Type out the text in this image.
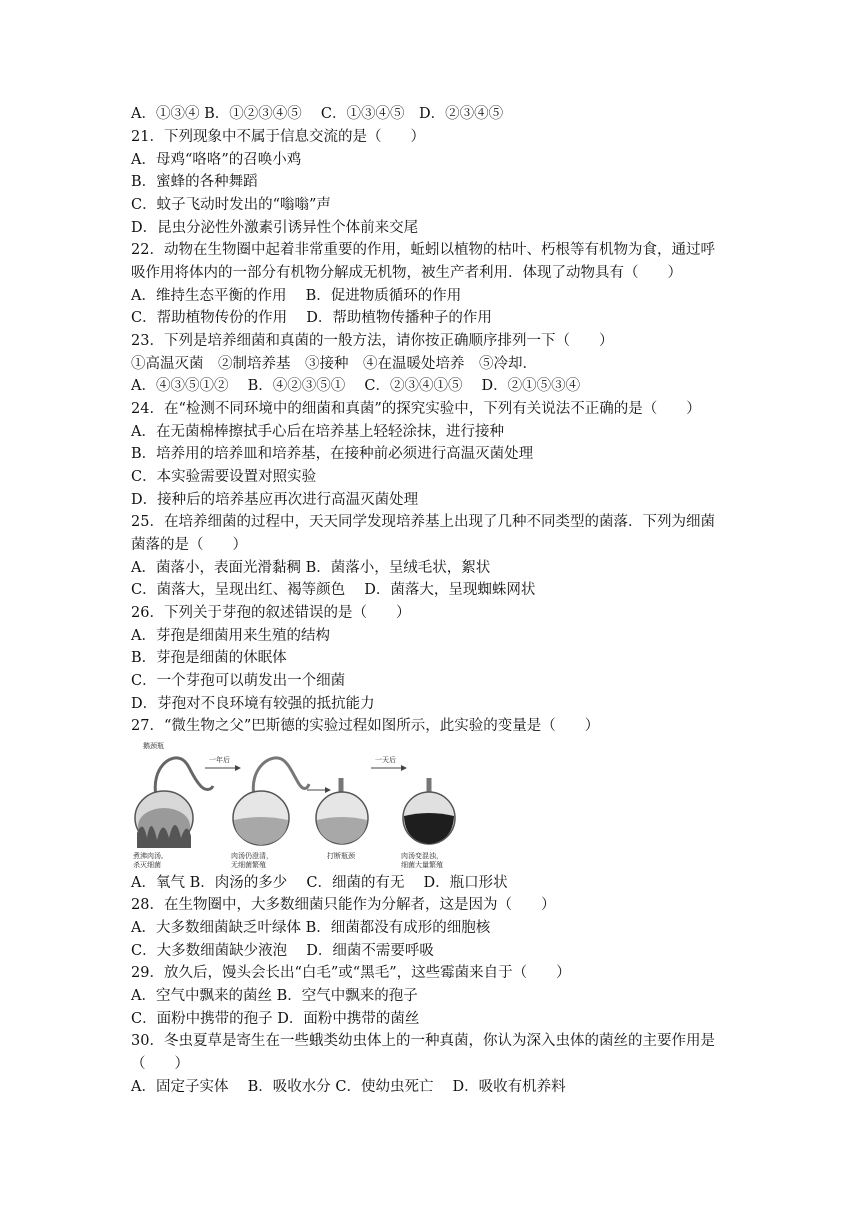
A．①③④ B．①②③④⑤　 C．①③④⑤　D．②③④⑤
21．下列现象中不属于信息交流的是（　　）
A．母鸡“咯咯”的召唤小鸡
B．蜜蜂的各种舞蹈
C．蚊子飞动时发出的“嗡嗡”声
D．昆虫分泌性外激素引诱异性个体前来交尾
22．动物在生物圈中起着非常重要的作用，蚯蚓以植物的枯叶、朽根等有机物为食，通过呼
吸作用将体内的一部分有机物分解成无机物，被生产者利用．体现了动物具有（　　）
A．维持生态平衡的作用　 B．促进物质循环的作用
C．帮助植物传份的作用　 D．帮助植物传播种子的作用
23．下列是培养细菌和真菌的一般方法，请你按正确顺序排列一下（　　）
①高温灭菌　②制培养基　③接种　④在温暖处培养　⑤冷却．
A．④③⑤①②　 B．④②③⑤①　 C．②③④①⑤　 D．②①⑤③④
24．在“检测不同环境中的细菌和真菌”的探究实验中，下列有关说法不正确的是（　　）
A．在无菌棉棒擦拭手心后在培养基上轻轻涂抹，进行接种
B．培养用的培养皿和培养基，在接种前必须进行高温灭菌处理
C．本实验需要设置对照实验
D．接种后的培养基应再次进行高温灭菌处理
25．在培养细菌的过程中，天天同学发现培养基上出现了几种不同类型的菌落．下列为细菌
菌落的是（　　）
A．菌落小，表面光滑黏稠 B．菌落小，呈绒毛状，絮状
C．菌落大，呈现出红、褐等颜色　 D．菌落大，呈现蜘蛛网状
26．下列关于芽孢的叙述错误的是（　　）
A．芽孢是细菌用来生殖的结构
B．芽孢是细菌的休眠体
C．一个芽孢可以萌发出一个细菌
D．芽孢对不良环境有较强的抵抗能力
27．“微生物之父”巴斯德的实验过程如图所示，此实验的变量是（　　）
鹅颈瓶
煮沸肉汤,
杀灭细菌
一年后
肉汤仍澄清，
无细菌繁殖
打断瓶颈
一天后
肉汤变混浊，
细菌大量繁殖
A．氧气 B．肉汤的多少　 C．细菌的有无　 D．瓶口形状
28．在生物圈中，大多数细菌只能作为分解者，这是因为（　　）
A．大多数细菌缺乏叶绿体 B．细菌都没有成形的细胞核
C．大多数细菌缺少液泡　 D．细菌不需要呼吸
29．放久后，馒头会长出“白毛”或“黑毛”，这些霉菌来自于（　　）
A．空气中飘来的菌丝 B．空气中飘来的孢子
C．面粉中携带的孢子 D．面粉中携带的菌丝
30．冬虫夏草是寄生在一些蛾类幼虫体上的一种真菌，你认为深入虫体的菌丝的主要作用是
（　　）
A．固定子实体　 B．吸收水分 C．使幼虫死亡　 D．吸收有机养料
